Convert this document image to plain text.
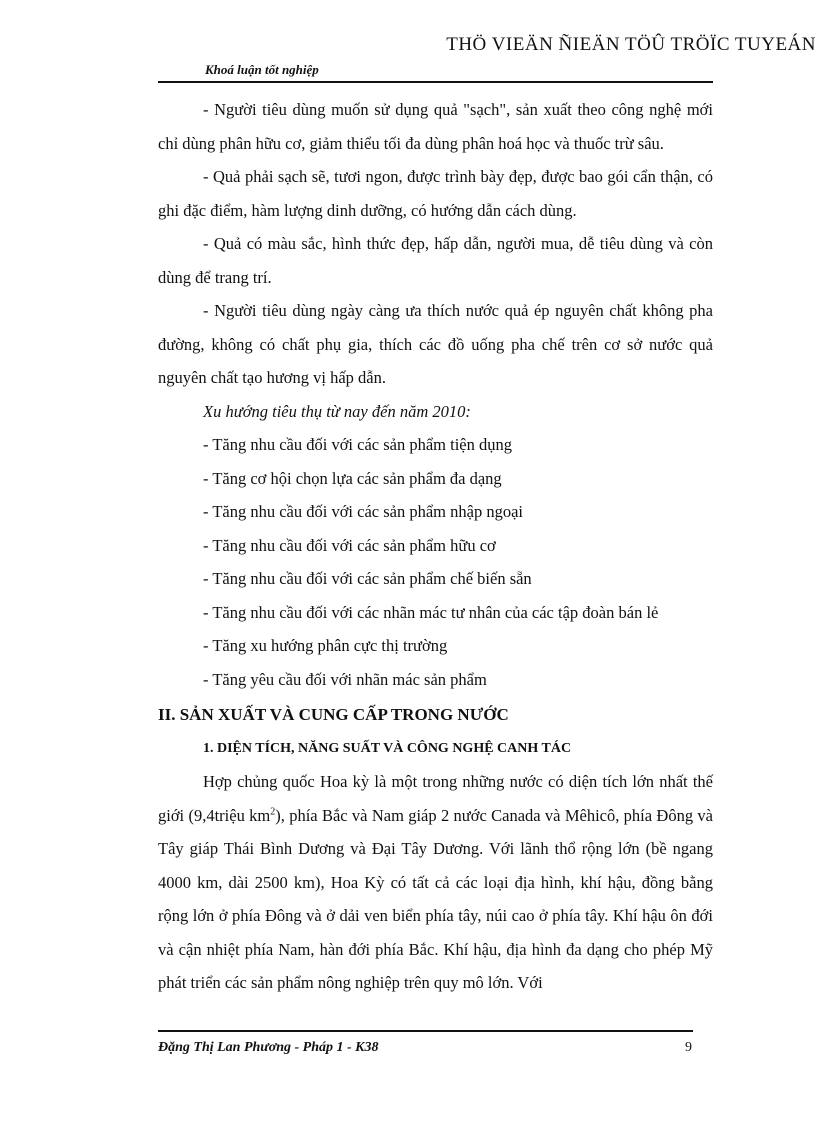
THÖ VIEÄN ÑIEÄN TÖÛ TRÖÏC TUYEÁN
Khoá luận tốt nghiệp

- Người tiêu dùng muốn sử dụng quả "sạch", sản xuất theo công nghệ mới chỉ dùng phân hữu cơ, giảm thiểu tối đa dùng phân hoá học và thuốc trừ sâu.

- Quả phải sạch sẽ, tươi ngon, được trình bày đẹp, được bao gói cẩn thận, có ghi đặc điểm, hàm lượng dinh dưỡng, có hướng dẫn cách dùng.

- Quả có màu sắc, hình thức đẹp, hấp dẫn, người mua, dễ tiêu dùng và còn dùng để trang trí.

- Người tiêu dùng ngày càng ưa thích nước quả ép nguyên chất không pha đường, không có chất phụ gia, thích các đồ uống pha chế trên cơ sở nước quả nguyên chất tạo hương vị hấp dẫn.

Xu hướng tiêu thụ từ nay đến năm 2010:

- Tăng nhu cầu đối với các sản phẩm tiện dụng

- Tăng cơ hội chọn lựa các sản phẩm đa dạng

- Tăng nhu cầu đối với các sản phẩm nhập ngoại

- Tăng nhu cầu đối với các sản phẩm hữu cơ

- Tăng nhu cầu đối với các sản phẩm chế biến sẵn

- Tăng nhu cầu đối với các nhãn mác tư nhân của các tập đoàn bán lẻ

- Tăng xu hướng phân cực thị trường

- Tăng yêu cầu đối với nhãn mác sản phẩm

II. SẢN XUẤT VÀ CUNG CẤP TRONG NƯỚC

1. DIỆN TÍCH, NĂNG SUẤT VÀ CÔNG NGHỆ CANH TÁC

Hợp chủng quốc Hoa kỳ là một trong những nước có diện tích lớn nhất thế giới (9,4triệu $km^2$), phía Bắc và Nam giáp 2 nước Canada và Mêhicô, phía Đông và Tây giáp Thái Bình Dương và Đại Tây Dương. Với lãnh thổ rộng lớn (bề ngang 4000 km, dài 2500 km), Hoa Kỳ có tất cả các loại địa hình, khí hậu, đồng bằng rộng lớn ở phía Đông và ở dải ven biển phía tây, núi cao ở phía tây. Khí hậu ôn đới và cận nhiệt phía Nam, hàn đới phía Bắc. Khí hậu, địa hình đa dạng cho phép Mỹ phát triển các sản phẩm nông nghiệp trên quy mô lớn. Với

Đặng Thị Lan Phương - Pháp 1 - K38	9
